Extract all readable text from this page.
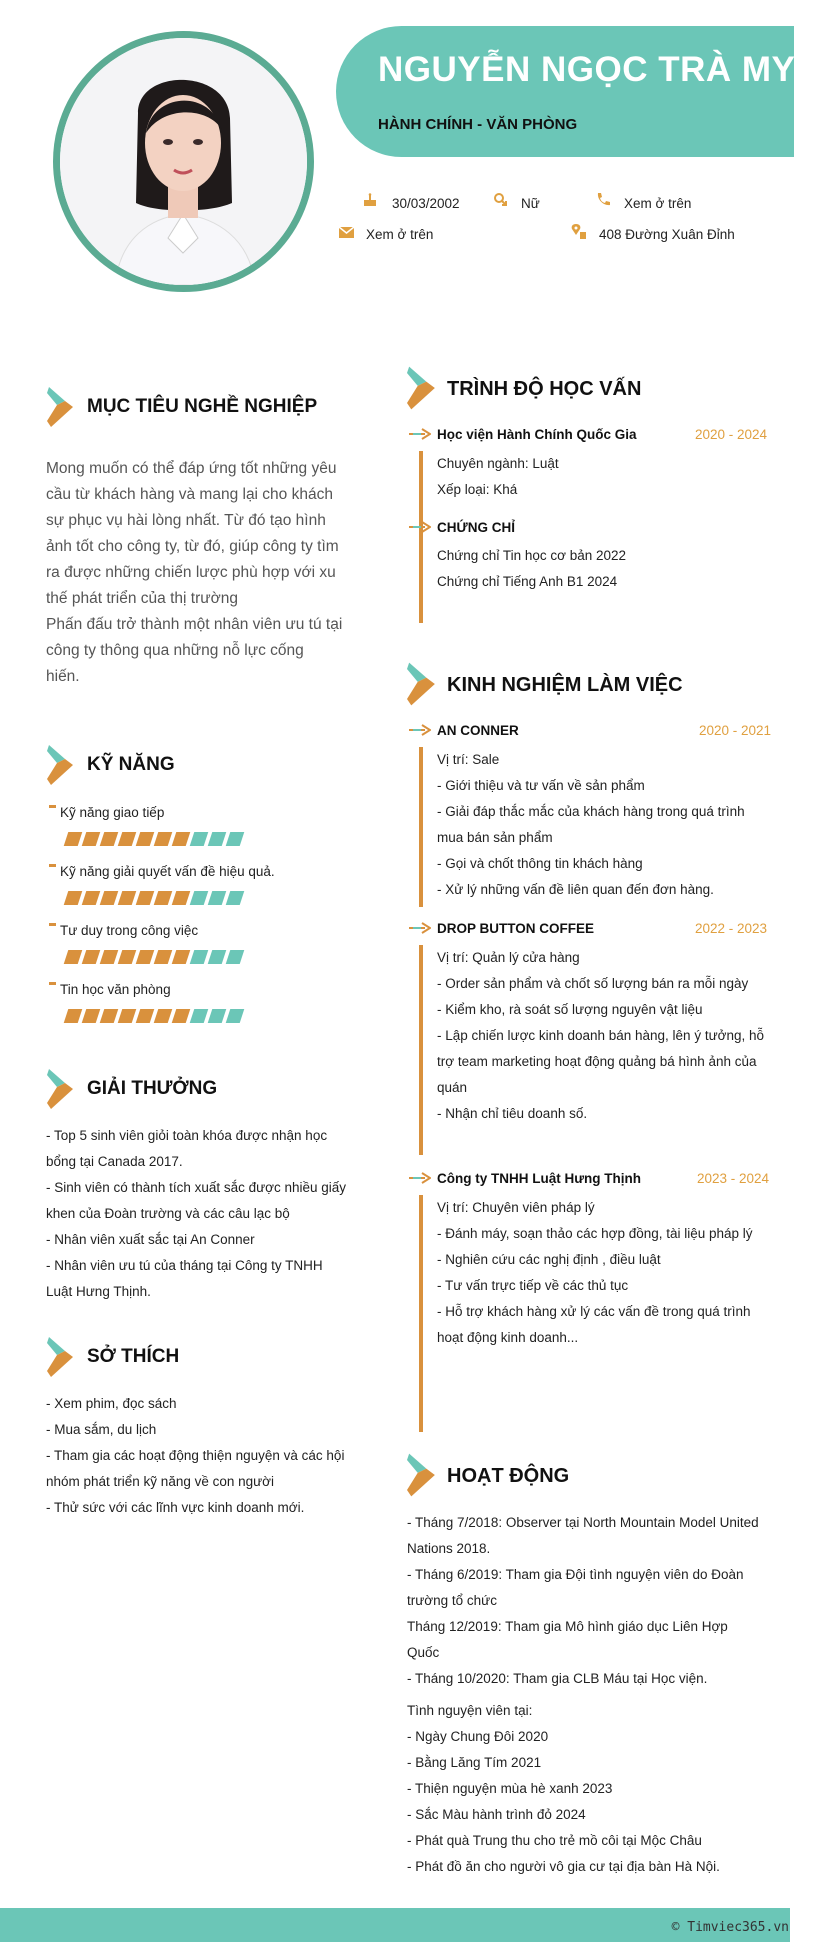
NGUYỄN NGỌC TRÀ MY
HÀNH CHÍNH - VĂN PHÒNG
30/03/2002	Nữ	Xem ở trên
Xem ở trên	408 Đường Xuân Đỉnh
MỤC TIÊU NGHỀ NGHIỆP
Mong muốn có thể đáp ứng tốt những yêu
cầu từ khách hàng và mang lại cho khách
sự phục vụ hài lòng nhất. Từ đó tạo hình
ảnh tốt cho công ty, từ đó, giúp công ty tìm
ra được những chiến lược phù hợp với xu
thế phát triển của thị trường
Phấn đấu trở thành một nhân viên ưu tú tại
công ty thông qua những nỗ lực cống
hiến.
KỸ NĂNG
Kỹ năng giao tiếp
Kỹ năng giải quyết vấn đề hiệu quả.
Tư duy trong công việc
Tin học văn phòng
GIẢI THƯỞNG
- Top 5 sinh viên giỏi toàn khóa được nhận học
bổng tại Canada 2017.
- Sinh viên có thành tích xuất sắc được nhiều giấy
khen của Đoàn trường và các câu lạc bộ
- Nhân viên xuất sắc tại An Conner
- Nhân viên ưu tú của tháng tại Công ty TNHH
Luật Hưng Thịnh.
SỞ THÍCH
- Xem phim, đọc sách
- Mua sắm, du lịch
- Tham gia các hoạt động thiện nguyện và các hội
nhóm phát triển kỹ năng về con người
- Thử sức với các lĩnh vực kinh doanh mới.
TRÌNH ĐỘ HỌC VẤN
Học viện Hành Chính Quốc Gia	2020 - 2024
Chuyên ngành: Luật
Xếp loại: Khá
CHỨNG CHỈ
Chứng chỉ Tin học cơ bản 2022
Chứng chỉ Tiếng Anh B1 2024
KINH NGHIỆM LÀM VIỆC
AN CONNER	2020 - 2021
Vị trí: Sale
- Giới thiệu và tư vấn về sản phẩm
- Giải đáp thắc mắc của khách hàng trong quá trình
mua bán sản phẩm
- Gọi và chốt thông tin khách hàng
- Xử lý những vấn đề liên quan đến đơn hàng.
DROP BUTTON COFFEE	2022 - 2023
Vị trí: Quản lý cửa hàng
- Order sản phẩm và chốt số lượng bán ra mỗi ngày
- Kiểm kho, rà soát số lượng nguyên vật liệu
- Lập chiến lược kinh doanh bán hàng, lên ý tưởng, hỗ
trợ team marketing hoạt động quảng bá hình ảnh của
quán
- Nhận chỉ tiêu doanh số.
Công ty TNHH Luật Hưng Thịnh	2023 - 2024
Vị trí: Chuyên viên pháp lý
- Đánh máy, soạn thảo các hợp đồng, tài liệu pháp lý
- Nghiên cứu các nghị định , điều luật
- Tư vấn trực tiếp về các thủ tục
- Hỗ trợ khách hàng xử lý các vấn đề trong quá trình
hoạt động kinh doanh...
HOẠT ĐỘNG
- Tháng 7/2018: Observer tại North Mountain Model United
Nations 2018.
- Tháng 6/2019: Tham gia Đội tình nguyện viên do Đoàn
trường tổ chức
Tháng 12/2019: Tham gia Mô hình giáo dục Liên Hợp
Quốc
- Tháng 10/2020: Tham gia CLB Máu tại Học viện.
Tình nguyện viên tại:
- Ngày Chung Đôi 2020
- Bằng Lăng Tím 2021
- Thiện nguyện mùa hè xanh 2023
- Sắc Màu hành trình đỏ 2024
- Phát quà Trung thu cho trẻ mồ côi tại Mộc Châu
- Phát đồ ăn cho người vô gia cư tại địa bàn Hà Nội.
© Timviec365.vn
